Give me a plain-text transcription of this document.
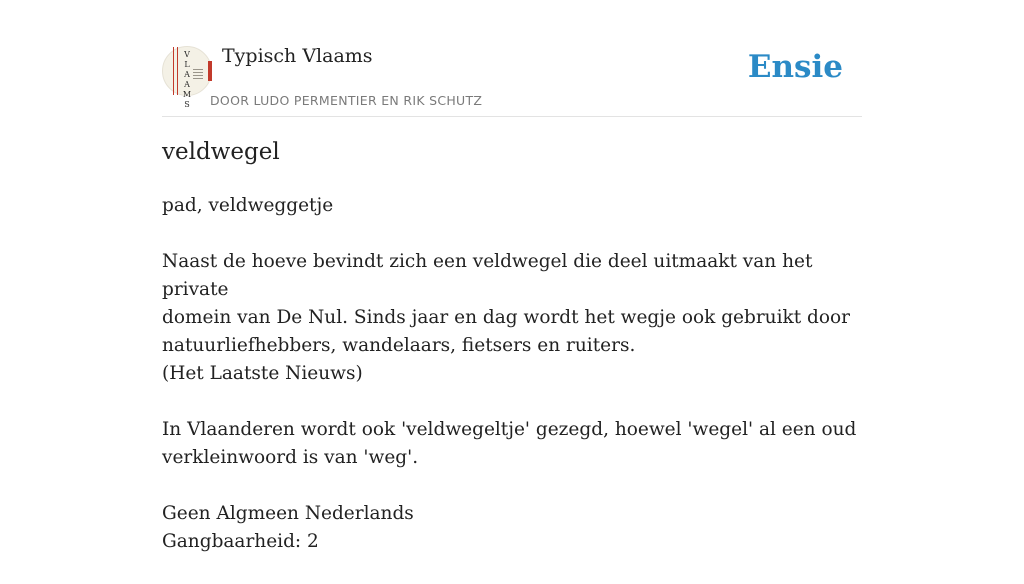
V
L
A
A
M
S
Typisch Vlaams
DOOR LUDO PERMENTIER EN RIK SCHUTZ
Ensie
veldwegel

pad, veldweggetje

Naast de hoeve bevindt zich een veldwegel die deel uitmaakt van het private
domein van De Nul. Sinds jaar en dag wordt het wegje ook gebruikt door
natuurliefhebbers, wandelaars, fietsers en ruiters.
(Het Laatste Nieuws)

In Vlaanderen wordt ook 'veldwegeltje' gezegd, hoewel 'wegel' al een oud
verkleinwoord is van 'weg'.

Geen Algmeen Nederlands
Gangbaarheid: 2
